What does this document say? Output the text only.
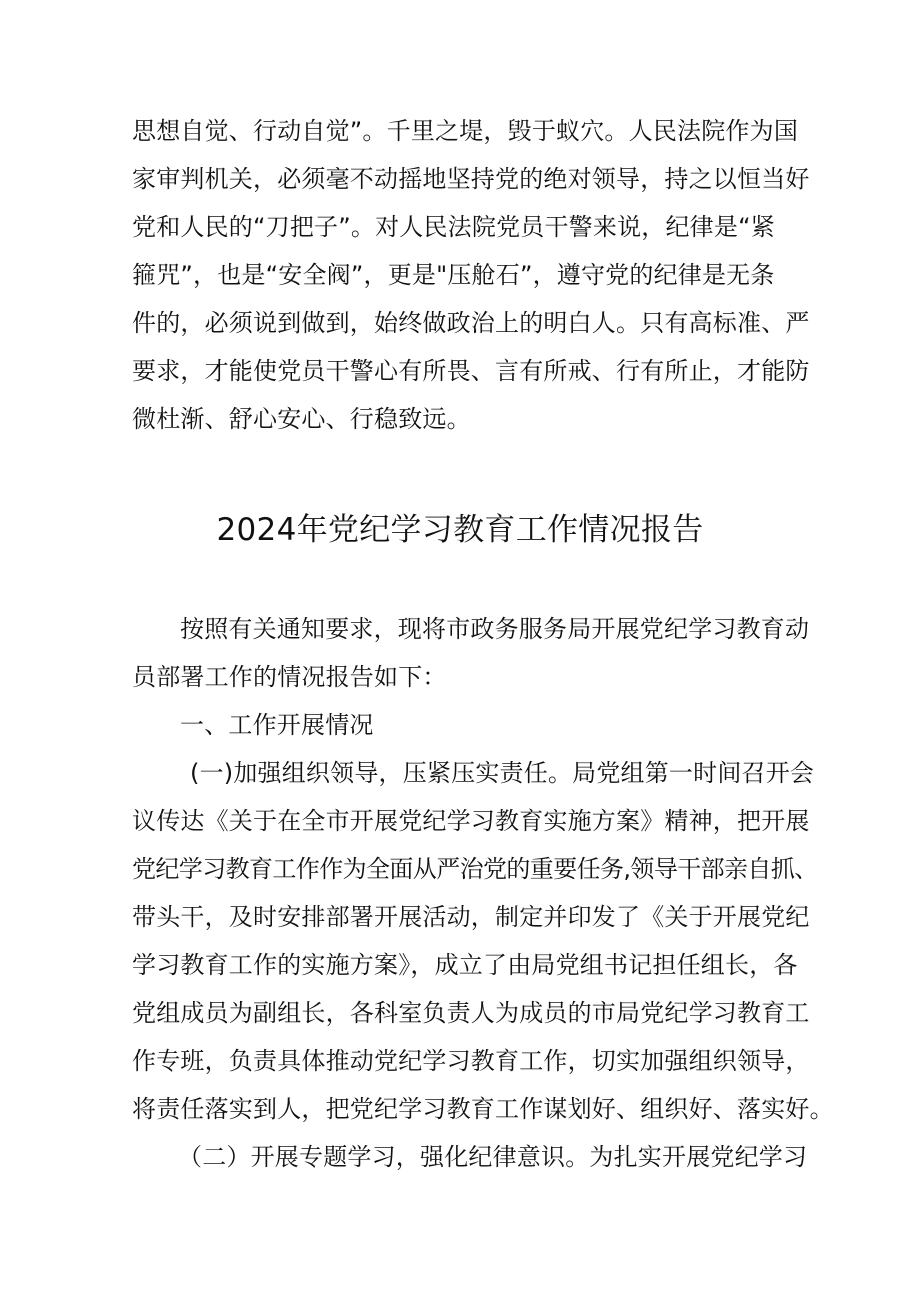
思想自觉、行动自觉”。千里之堤，毁于蚁穴。人民法院作为国
家审判机关，必须毫不动摇地坚持党的绝对领导，持之以恒当好
党和人民的“刀把子”。对人民法院党员干警来说，纪律是“紧
箍咒”，也是“安全阀”，更是"压舱石”，遵守党的纪律是无条
件的，必须说到做到，始终做政治上的明白人。只有高标准、严
要求，才能使党员干警心有所畏、言有所戒、行有所止，才能防
微杜渐、舒心安心、行稳致远。
2024年党纪学习教育工作情况报告
按照有关通知要求，现将市政务服务局开展党纪学习教育动
员部署工作的情况报告如下：
一、工作开展情况
(一)加强组织领导，压紧压实责任。局党组第一时间召开会
议传达《关于在全市开展党纪学习教育实施方案》精神，把开展
党纪学习教育工作作为全面从严治党的重要任务,领导干部亲自抓、
带头干，及时安排部署开展活动，制定并印发了《关于开展党纪
学习教育工作的实施方案》，成立了由局党组书记担任组长，各
党组成员为副组长，各科室负责人为成员的市局党纪学习教育工
作专班，负责具体推动党纪学习教育工作，切实加强组织领导，
将责任落实到人，把党纪学习教育工作谋划好、组织好、落实好。
（二）开展专题学习，强化纪律意识。为扎实开展党纪学习
